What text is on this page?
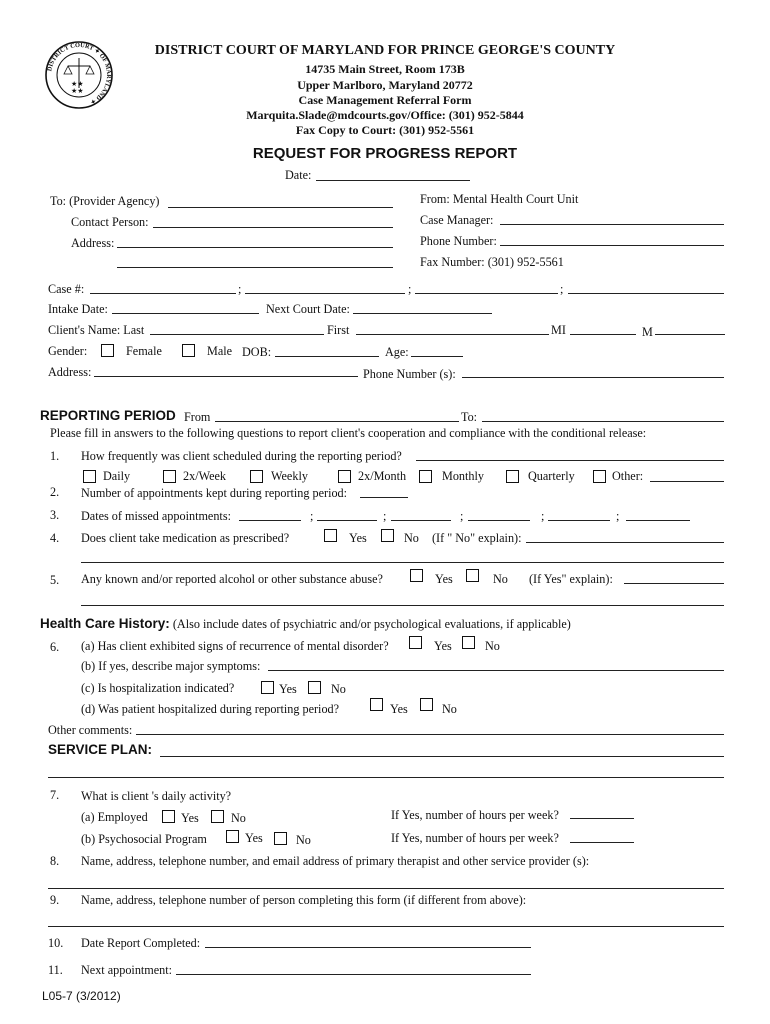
DISTRICT COURT ✦ OF MARYLAND ✦
★★
★★
DISTRICT COURT OF MARYLAND FOR PRINCE GEORGE'S COUNTY
14735 Main Street, Room 173B
Upper Marlboro, Maryland 20772
Case Management Referral Form
Marquita.Slade@mdcourts.gov/Office: (301) 952-5844
Fax Copy to Court: (301) 952-5561
REQUEST FOR PROGRESS REPORT
Date:
To: (Provider Agency)
Contact Person:
Address:
From: Mental Health Court Unit
Case Manager:
Phone Number:
Fax Number: (301) 952-5561
Case #:	;	;	;
Intake Date:	Next Court Date:
Client's Name: Last	First	MI	M
Gender:	Female	Male DOB:	Age:
Address:	Phone Number (s):
REPORTING PERIOD From	To:
Please fill in answers to the following questions to report client's cooperation and compliance with the conditional release:
1. How frequently was client scheduled during the reporting period?
Daily	2x/Week	Weekly	2x/Month	Monthly	Quarterly	Other:
2. Number of appointments kept during reporting period:
3. Dates of missed appointments:	;	;	;	;	;
4. Does client take medication as prescribed?	Yes	No (If " No" explain):
5. Any known and/or reported alcohol or other substance abuse?	Yes	No (If Yes" explain):
Health Care History: (Also include dates of psychiatric and/or psychological evaluations, if applicable)
6. (a) Has client exhibited signs of recurrence of mental disorder?	Yes	No
(b) If yes, describe major symptoms:
(c) Is hospitalization indicated?	Yes	No
(d) Was patient hospitalized during reporting period?	Yes	No
Other comments:
SERVICE PLAN:
7. What is client 's daily activity?
(a) Employed	Yes	No	If Yes, number of hours per week?
(b) Psychosocial Program	Yes	No	If Yes, number of hours per week?
8. Name, address, telephone number, and email address of primary therapist and other service provider (s):
9. Name, address, telephone number of person completing this form (if different from above):
10. Date Report Completed:
11. Next appointment:
L05-7 (3/2012)
